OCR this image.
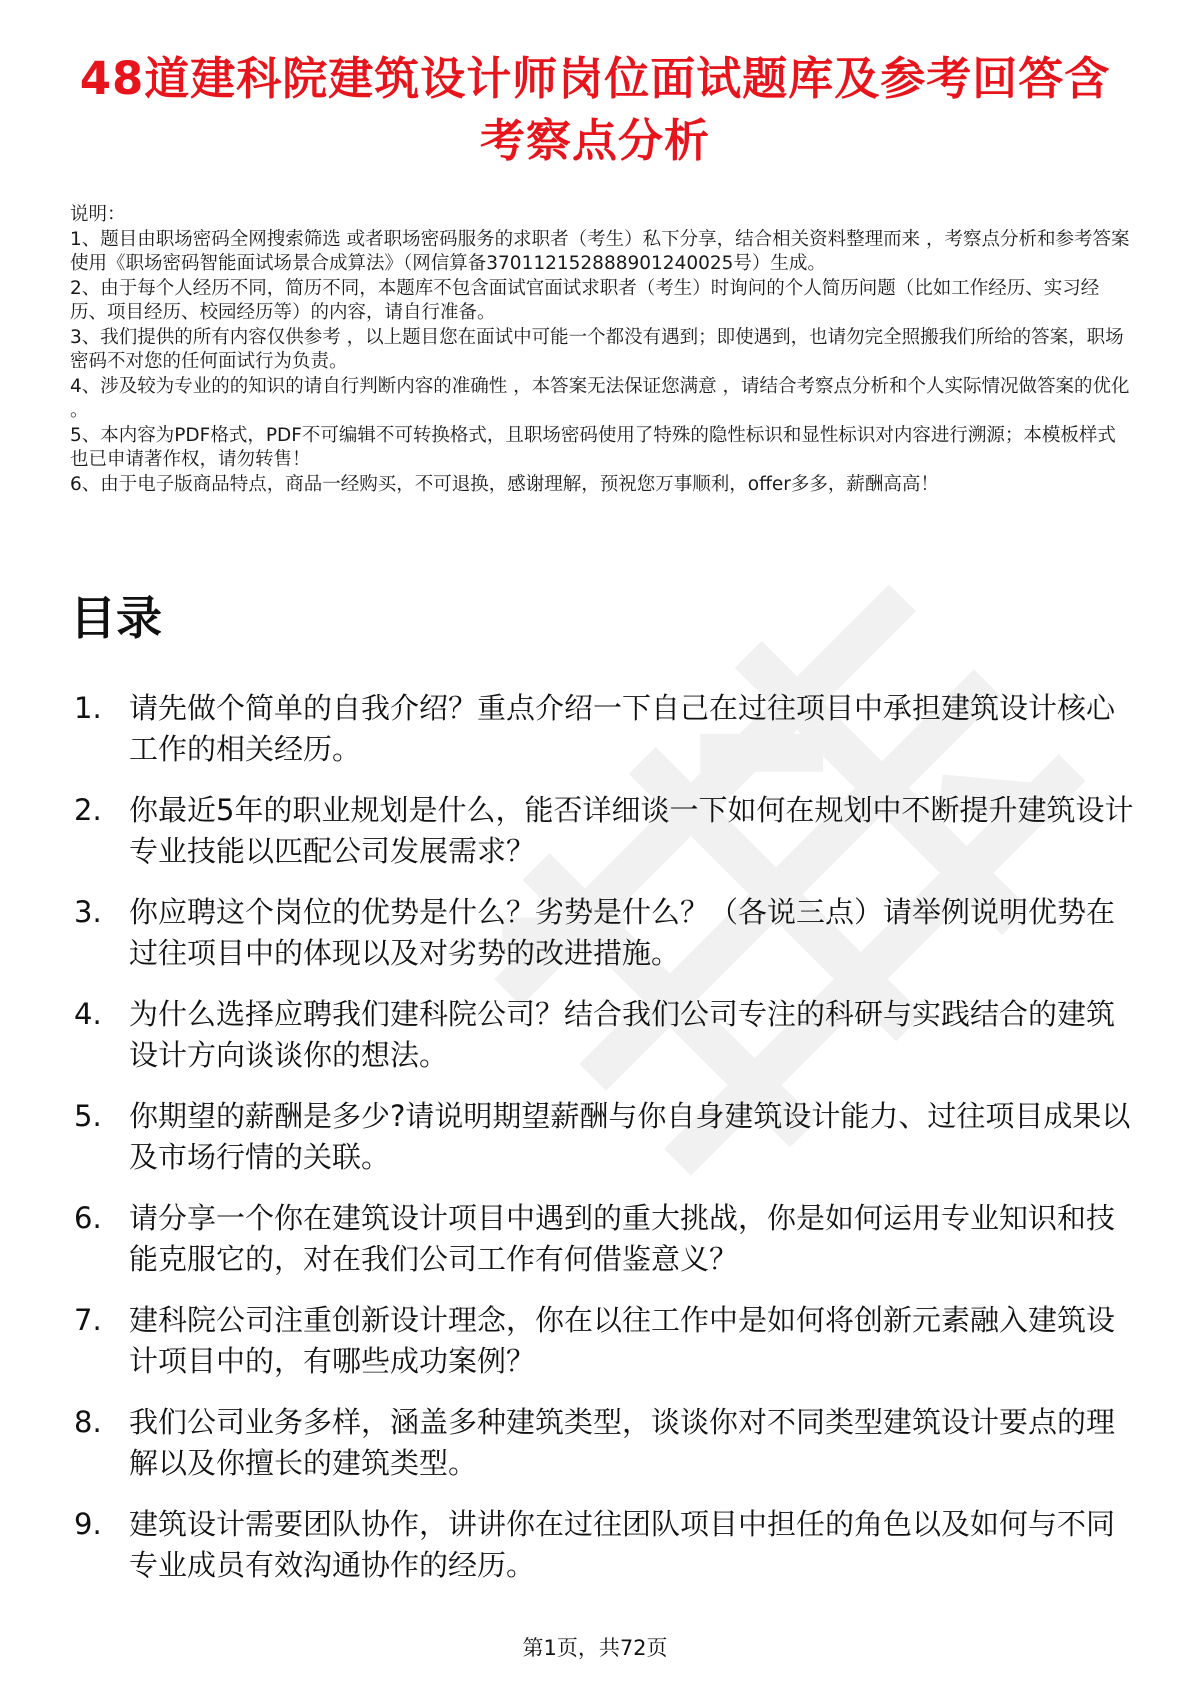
48道建科院建筑设计师岗位面试题库及参考回答含考察点分析

说明：

1、题目由职场密码全网搜索筛选 或者职场密码服务的求职者（考生）私下分享，结合相关资料整理而来 ，考察点分析和参考答案使用《职场密码智能面试场景合成算法》（网信算备370112152888901240025号）生成。

2、由于每个人经历不同，简历不同，本题库不包含面试官面试求职者（考生）时询问的个人简历问题（比如工作经历、实习经历、项目经历、校园经历等）的内容，请自行准备。

3、我们提供的所有内容仅供参考 ，以上题目您在面试中可能一个都没有遇到；即使遇到，也请勿完全照搬我们所给的答案，职场密码不对您的任何面试行为负责。

4、涉及较为专业的的知识的请自行判断内容的准确性 ，本答案无法保证您满意 ，请结合考察点分析和个人实际情况做答案的优化 。

5、本内容为PDF格式，PDF不可编辑不可转换格式，且职场密码使用了特殊的隐性标识和显性标识对内容进行溯源；本模板样式也已申请著作权，请勿转售！

6、由于电子版商品特点，商品一经购买，不可退换，感谢理解，预祝您万事顺利，offer多多，薪酬高高！

目录
1. 请先做个简单的自我介绍？重点介绍一下自己在过往项目中承担建筑设计核心工作的相关经历。
2. 你最近5年的职业规划是什么，能否详细谈一下如何在规划中不断提升建筑设计专业技能以匹配公司发展需求？
3. 你应聘这个岗位的优势是什么？劣势是什么？（各说三点）请举例说明优势在过往项目中的体现以及对劣势的改进措施。
4. 为什么选择应聘我们建科院公司？结合我们公司专注的科研与实践结合的建筑设计方向谈谈你的想法。
5. 你期望的薪酬是多少?请说明期望薪酬与你自身建筑设计能力、过往项目成果以及市场行情的关联。
6. 请分享一个你在建筑设计项目中遇到的重大挑战，你是如何运用专业知识和技能克服它的，对在我们公司工作有何借鉴意义？
7. 建科院公司注重创新设计理念，你在以往工作中是如何将创新元素融入建筑设计项目中的，有哪些成功案例？
8. 我们公司业务多样，涵盖多种建筑类型，谈谈你对不同类型建筑设计要点的理解以及你擅长的建筑类型。
9. 建筑设计需要团队协作，讲讲你在过往团队项目中担任的角色以及如何与不同专业成员有效沟通协作的经历。
第1页，共72页
